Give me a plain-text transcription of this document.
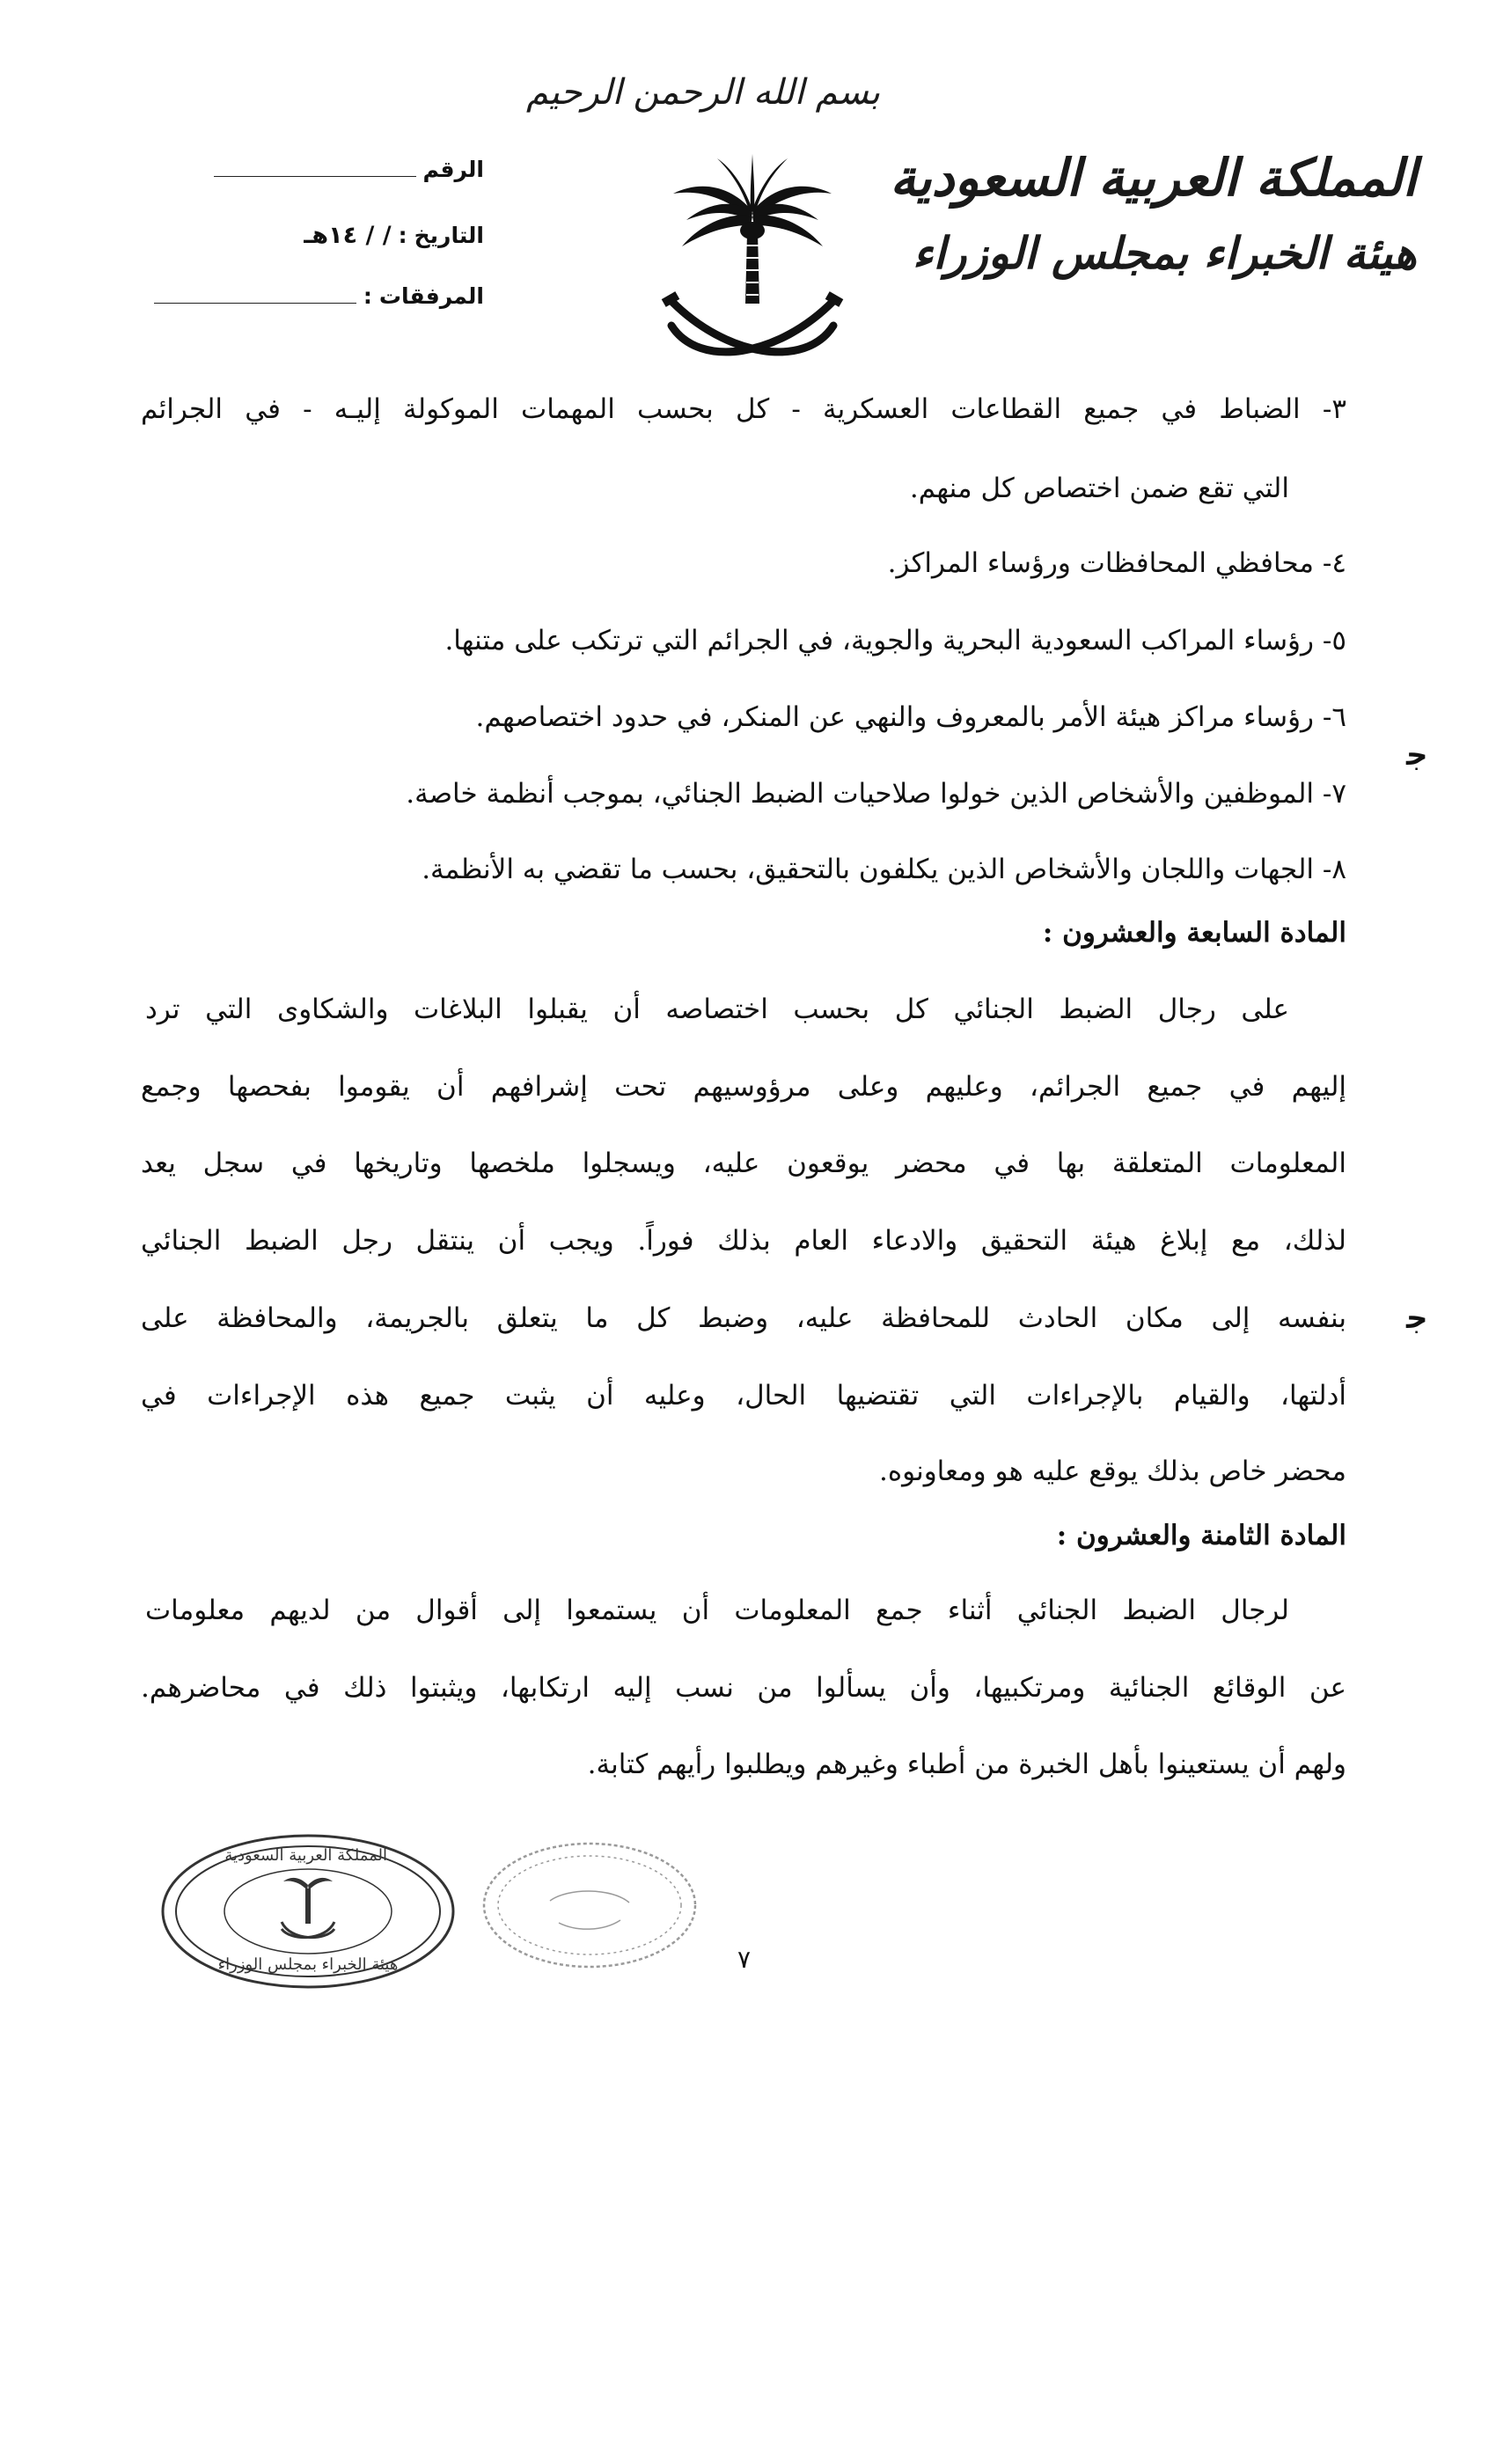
بسم الله الرحمن الرحيم
المملكة العربية السعودية
هيئة الخبراء بمجلس الوزراء
الرقم
التاريخ
:
/ / ١٤هـ
المرفقات
:
٣- الضباط في جميع القطاعات العسكرية - كل بحسب المهمات الموكولة إليـه - في الجرائم
التي تقع ضمن اختصاص كل منهم.
٤- محافظي المحافظات ورؤساء المراكز.
٥- رؤساء المراكب السعودية البحرية والجوية، في الجرائم التي ترتكب على متنها.
٦- رؤساء مراكز هيئة الأمر بالمعروف والنهي عن المنكر، في حدود اختصاصهم.
٧- الموظفين والأشخاص الذين خولوا صلاحيات الضبط الجنائي، بموجب أنظمة خاصة.
٨- الجهات واللجان والأشخاص الذين يكلفون بالتحقيق، بحسب ما تقضي به الأنظمة.
المادة السابعة والعشرون :
على رجال الضبط الجنائي كل بحسب اختصاصه أن يقبلوا البلاغات والشكاوى التي ترد
إليهم في جميع الجرائم، وعليهم وعلى مرؤوسيهم تحت إشرافهم أن يقوموا بفحصها وجمع
المعلومات المتعلقة بها في محضر يوقعون عليه، ويسجلوا ملخصها وتاريخها في سجل يعد
لذلك، مع إبلاغ هيئة التحقيق والادعاء العام بذلك فوراً. ويجب أن ينتقل رجل الضبط الجنائي
بنفسه إلى مكان الحادث للمحافظة عليه، وضبط كل ما يتعلق بالجريمة، والمحافظة على
أدلتها، والقيام بالإجراءات التي تقتضيها الحال، وعليه أن يثبت جميع هذه الإجراءات في
محضر خاص بذلك يوقع عليه هو ومعاونوه.
المادة الثامنة والعشرون :
لرجال الضبط الجنائي أثناء جمع المعلومات أن يستمعوا إلى أقوال من لديهم معلومات
عن الوقائع الجنائية ومرتكبيها، وأن يسألوا من نسب إليه ارتكابها، ويثبتوا ذلك في محاضرهم.
ولهم أن يستعينوا بأهل الخبرة من أطباء وغيرهم ويطلبوا رأيهم كتابة.
ﺟ
ﺟ
المملكة العربية السعودية
هيئة الخبراء بمجلس الوزراء	٧
